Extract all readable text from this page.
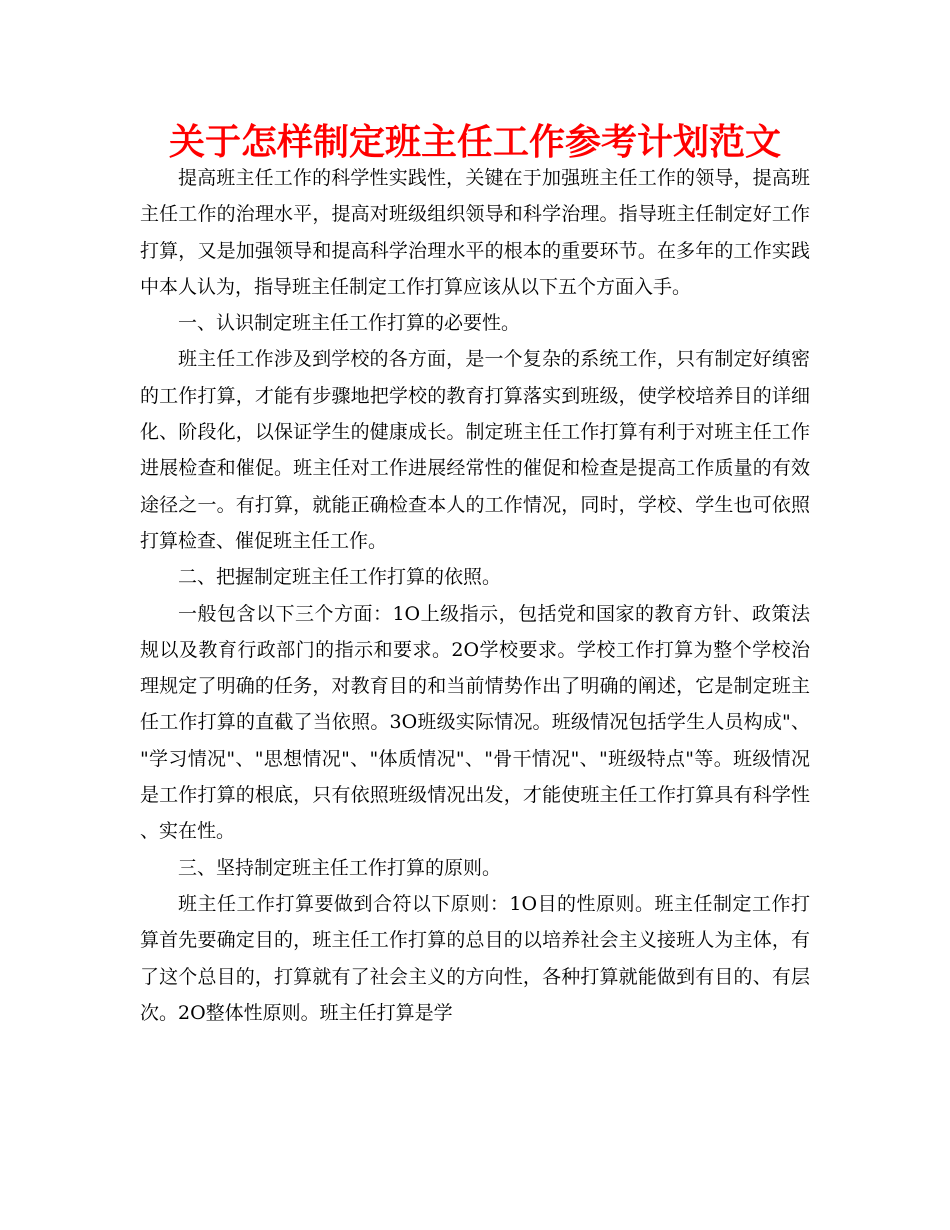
关于怎样制定班主任工作参考计划范文

提高班主任工作的科学性实践性，关键在于加强班主任工作的领导，提高班主任工作的治理水平，提高对班级组织领导和科学治理。指导班主任制定好工作打算，又是加强领导和提高科学治理水平的根本的重要环节。在多年的工作实践中本人认为，指导班主任制定工作打算应该从以下五个方面入手。

一、认识制定班主任工作打算的必要性。

班主任工作涉及到学校的各方面，是一个复杂的系统工作，只有制定好缜密的工作打算，才能有步骤地把学校的教育打算落实到班级，使学校培养目的详细化、阶段化，以保证学生的健康成长。制定班主任工作打算有利于对班主任工作进展检查和催促。班主任对工作进展经常性的催促和检查是提高工作质量的有效途径之一。有打算，就能正确检查本人的工作情况，同时，学校、学生也可依照打算检查、催促班主任工作。

二、把握制定班主任工作打算的依照。

一般包含以下三个方面：1O上级指示，包括党和国家的教育方针、政策法规以及教育行政部门的指示和要求。2O学校要求。学校工作打算为整个学校治理规定了明确的任务，对教育目的和当前情势作出了明确的阐述，它是制定班主任工作打算的直截了当依照。3O班级实际情况。班级情况包括学生人员构成"、"学习情况"、"思想情况"、"体质情况"、"骨干情况"、"班级特点"等。班级情况是工作打算的根底，只有依照班级情况出发，才能使班主任工作打算具有科学性、实在性。

三、坚持制定班主任工作打算的原则。

班主任工作打算要做到合符以下原则：1O目的性原则。班主任制定工作打算首先要确定目的，班主任工作打算的总目的以培养社会主义接班人为主体，有了这个总目的，打算就有了社会主义的方向性，各种打算就能做到有目的、有层次。2O整体性原则。班主任打算是学
